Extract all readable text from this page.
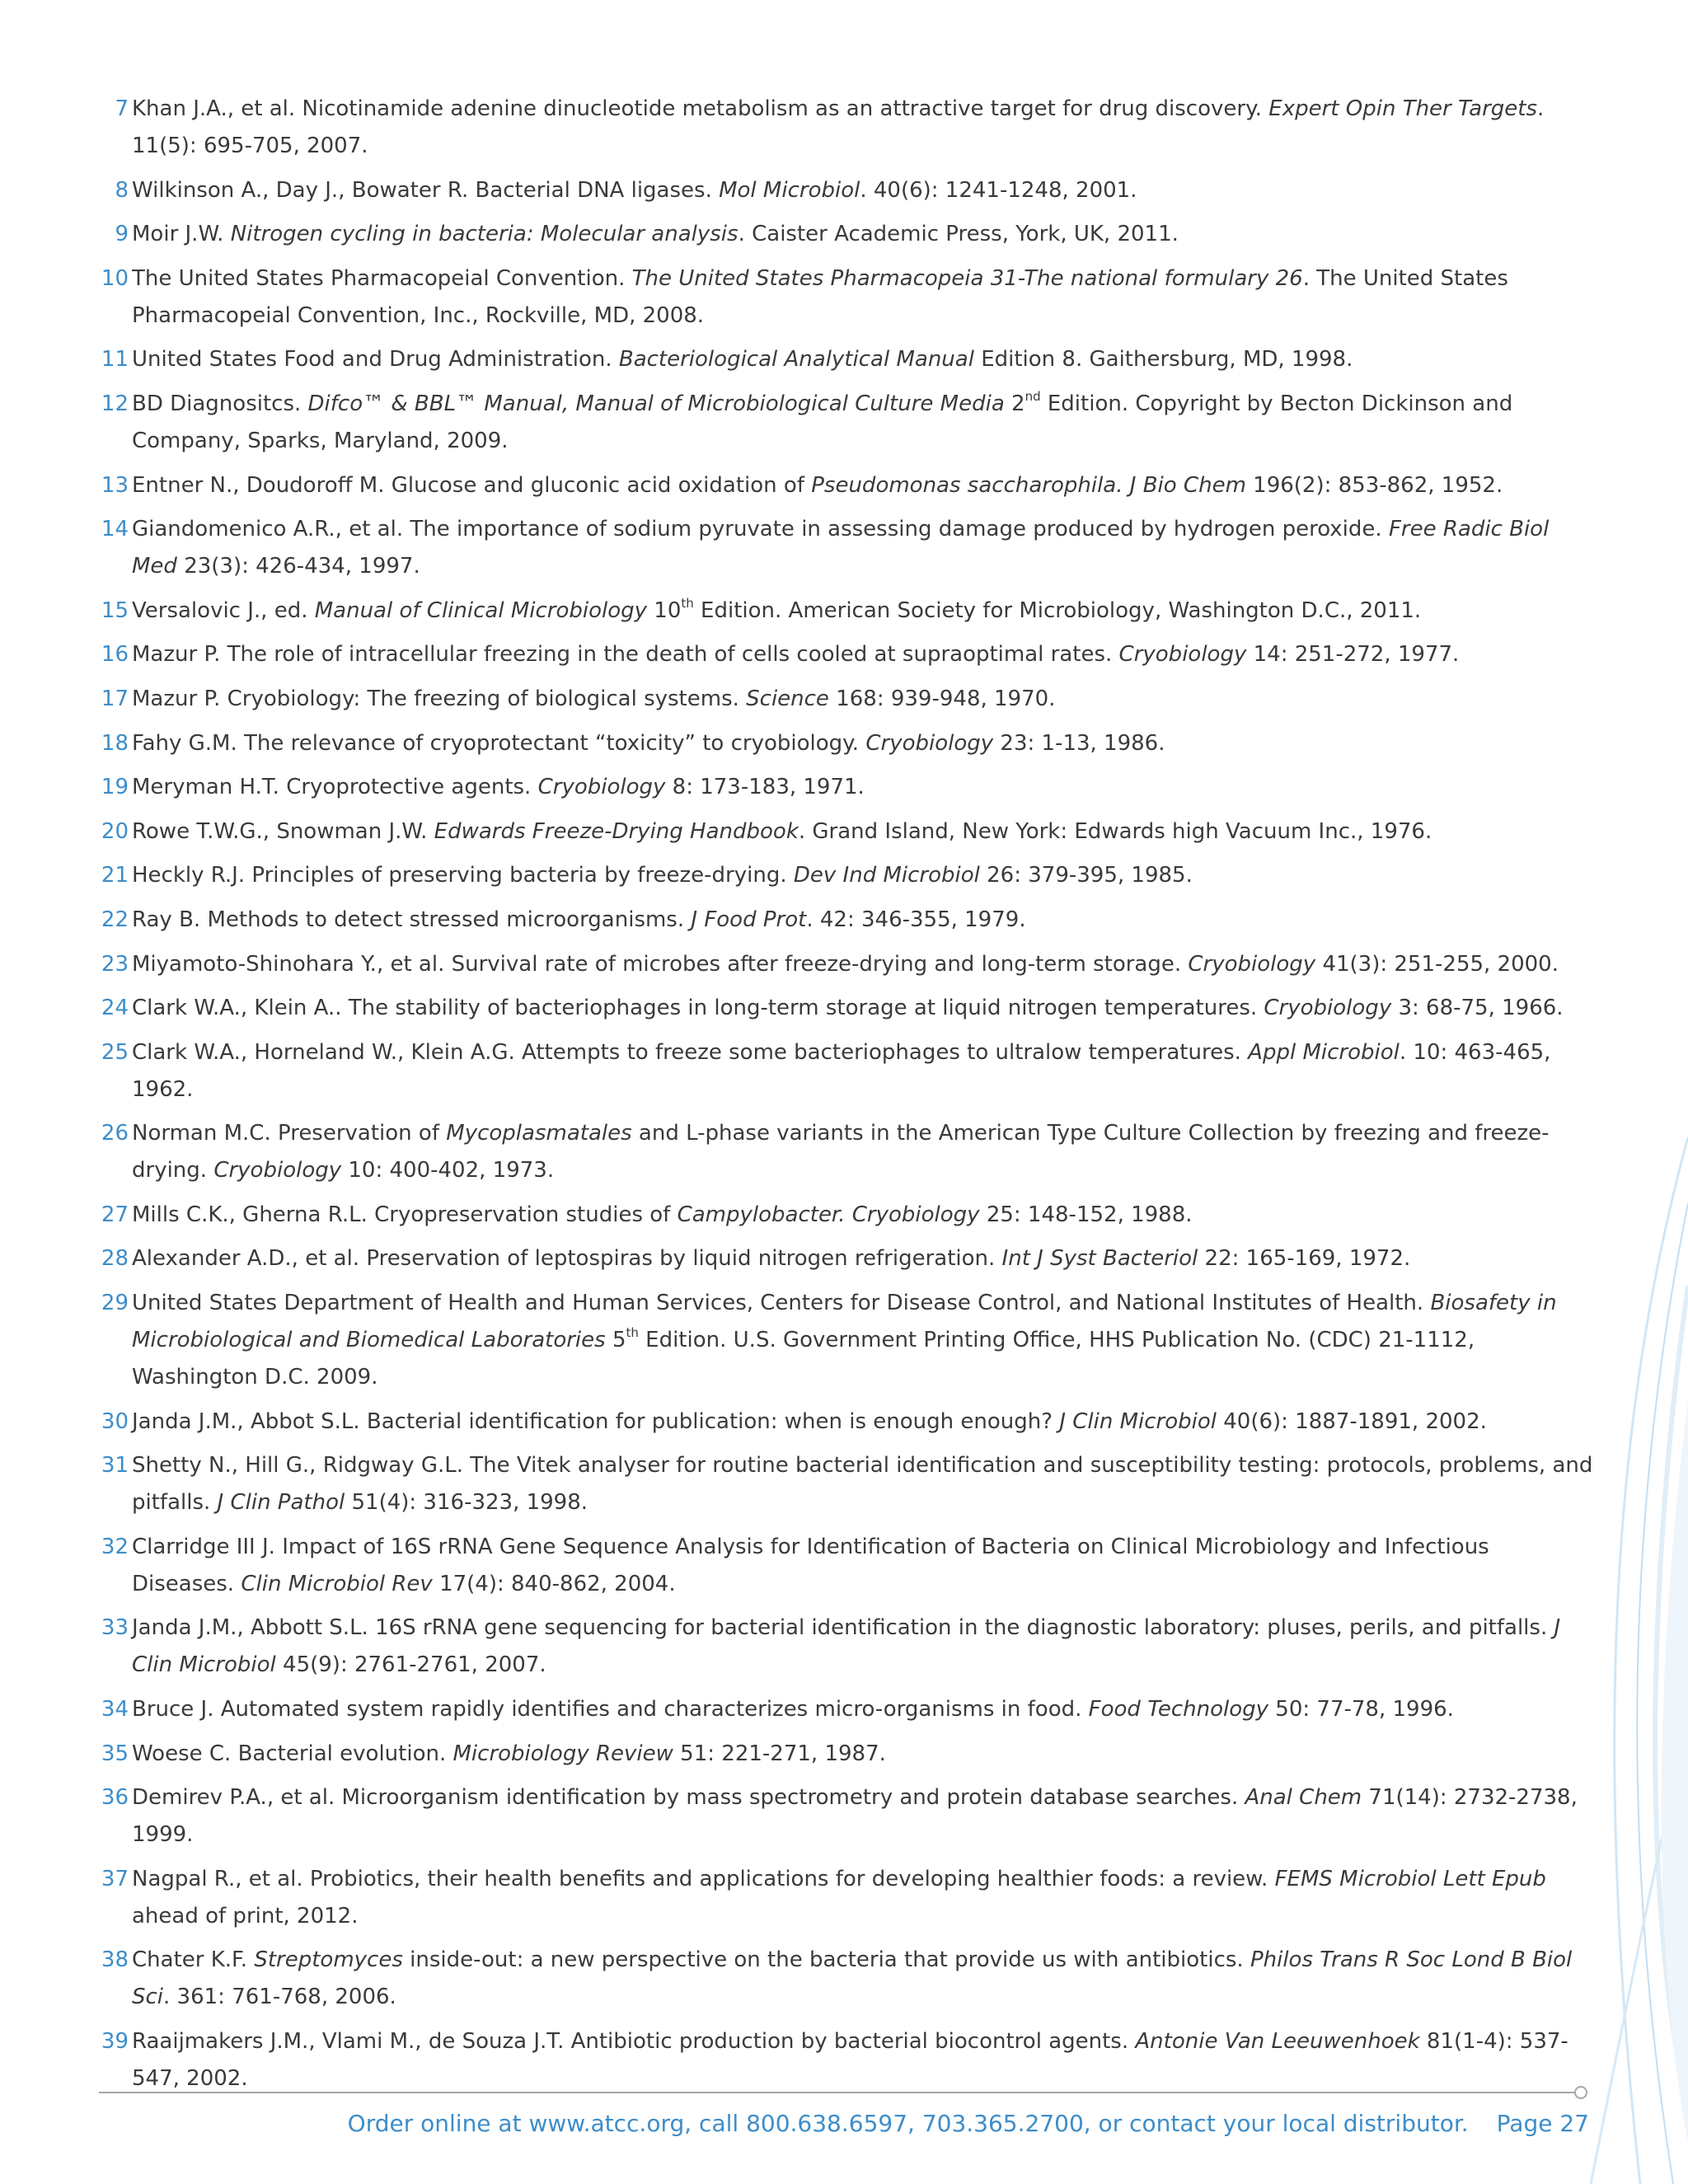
7 Khan J.A., et al. Nicotinamide adenine dinucleotide metabolism as an attractive target for drug discovery. Expert Opin Ther Targets. 11(5): 695-705, 2007.
8 Wilkinson A., Day J., Bowater R. Bacterial DNA ligases. Mol Microbiol. 40(6): 1241-1248, 2001.
9 Moir J.W. Nitrogen cycling in bacteria: Molecular analysis. Caister Academic Press, York, UK, 2011.
10 The United States Pharmacopeial Convention. The United States Pharmacopeia 31-The national formulary 26. The United States Pharmacopeial Convention, Inc., Rockville, MD, 2008.
11 United States Food and Drug Administration. Bacteriological Analytical Manual Edition 8. Gaithersburg, MD, 1998.
12 BD Diagnositcs. Difco™ & BBL™ Manual, Manual of Microbiological Culture Media 2nd Edition. Copyright by Becton Dickinson and Company, Sparks, Maryland, 2009.
13 Entner N., Doudoroff M. Glucose and gluconic acid oxidation of Pseudomonas saccharophila. J Bio Chem 196(2): 853-862, 1952.
14 Giandomenico A.R., et al. The importance of sodium pyruvate in assessing damage produced by hydrogen peroxide. Free Radic Biol Med 23(3): 426-434, 1997.
15 Versalovic J., ed. Manual of Clinical Microbiology 10th Edition. American Society for Microbiology, Washington D.C., 2011.
16 Mazur P. The role of intracellular freezing in the death of cells cooled at supraoptimal rates. Cryobiology 14: 251-272, 1977.
17 Mazur P. Cryobiology: The freezing of biological systems. Science 168: 939-948, 1970.
18 Fahy G.M. The relevance of cryoprotectant “toxicity” to cryobiology. Cryobiology 23: 1-13, 1986.
19 Meryman H.T. Cryoprotective agents. Cryobiology 8: 173-183, 1971.
20 Rowe T.W.G., Snowman J.W. Edwards Freeze-Drying Handbook. Grand Island, New York: Edwards high Vacuum Inc., 1976.
21 Heckly R.J. Principles of preserving bacteria by freeze-drying. Dev Ind Microbiol 26: 379-395, 1985.
22 Ray B. Methods to detect stressed microorganisms. J Food Prot. 42: 346-355, 1979.
23 Miyamoto-Shinohara Y., et al. Survival rate of microbes after freeze-drying and long-term storage. Cryobiology 41(3): 251-255, 2000.
24 Clark W.A., Klein A.. The stability of bacteriophages in long-term storage at liquid nitrogen temperatures. Cryobiology 3: 68-75, 1966.
25 Clark W.A., Horneland W., Klein A.G. Attempts to freeze some bacteriophages to ultralow temperatures. Appl Microbiol. 10: 463-465, 1962.
26 Norman M.C. Preservation of Mycoplasmatales and L-phase variants in the American Type Culture Collection by freezing and freeze-drying. Cryobiology 10: 400-402, 1973.
27 Mills C.K., Gherna R.L. Cryopreservation studies of Campylobacter. Cryobiology 25: 148-152, 1988.
28 Alexander A.D., et al. Preservation of leptospiras by liquid nitrogen refrigeration. Int J Syst Bacteriol 22: 165-169, 1972.
29 United States Department of Health and Human Services, Centers for Disease Control, and National Institutes of Health. Biosafety in Microbiological and Biomedical Laboratories 5th Edition. U.S. Government Printing Office, HHS Publication No. (CDC) 21-1112, Washington D.C. 2009.
30 Janda J.M., Abbot S.L. Bacterial identification for publication: when is enough enough? J Clin Microbiol 40(6): 1887-1891, 2002.
31 Shetty N., Hill G., Ridgway G.L. The Vitek analyser for routine bacterial identification and susceptibility testing: protocols, problems, and pitfalls. J Clin Pathol 51(4): 316-323, 1998.
32 Clarridge III J. Impact of 16S rRNA Gene Sequence Analysis for Identification of Bacteria on Clinical Microbiology and Infectious Diseases. Clin Microbiol Rev 17(4): 840-862, 2004.
33 Janda J.M., Abbott S.L. 16S rRNA gene sequencing for bacterial identification in the diagnostic laboratory: pluses, perils, and pitfalls. J Clin Microbiol 45(9): 2761-2761, 2007.
34 Bruce J. Automated system rapidly identifies and characterizes micro-organisms in food. Food Technology 50: 77-78, 1996.
35 Woese C. Bacterial evolution. Microbiology Review 51: 221-271, 1987.
36 Demirev P.A., et al. Microorganism identification by mass spectrometry and protein database searches. Anal Chem 71(14): 2732-2738, 1999.
37 Nagpal R., et al. Probiotics, their health benefits and applications for developing healthier foods: a review. FEMS Microbiol Lett Epub ahead of print, 2012.
38 Chater K.F. Streptomyces inside-out: a new perspective on the bacteria that provide us with antibiotics. Philos Trans R Soc Lond B Biol Sci. 361: 761-768, 2006.
39 Raaijmakers J.M., Vlami M., de Souza J.T. Antibiotic production by bacterial biocontrol agents. Antonie Van Leeuwenhoek 81(1-4): 537-547, 2002.
Order online at www.atcc.org, call 800.638.6597, 703.365.2700, or contact your local distributor. Page 27
